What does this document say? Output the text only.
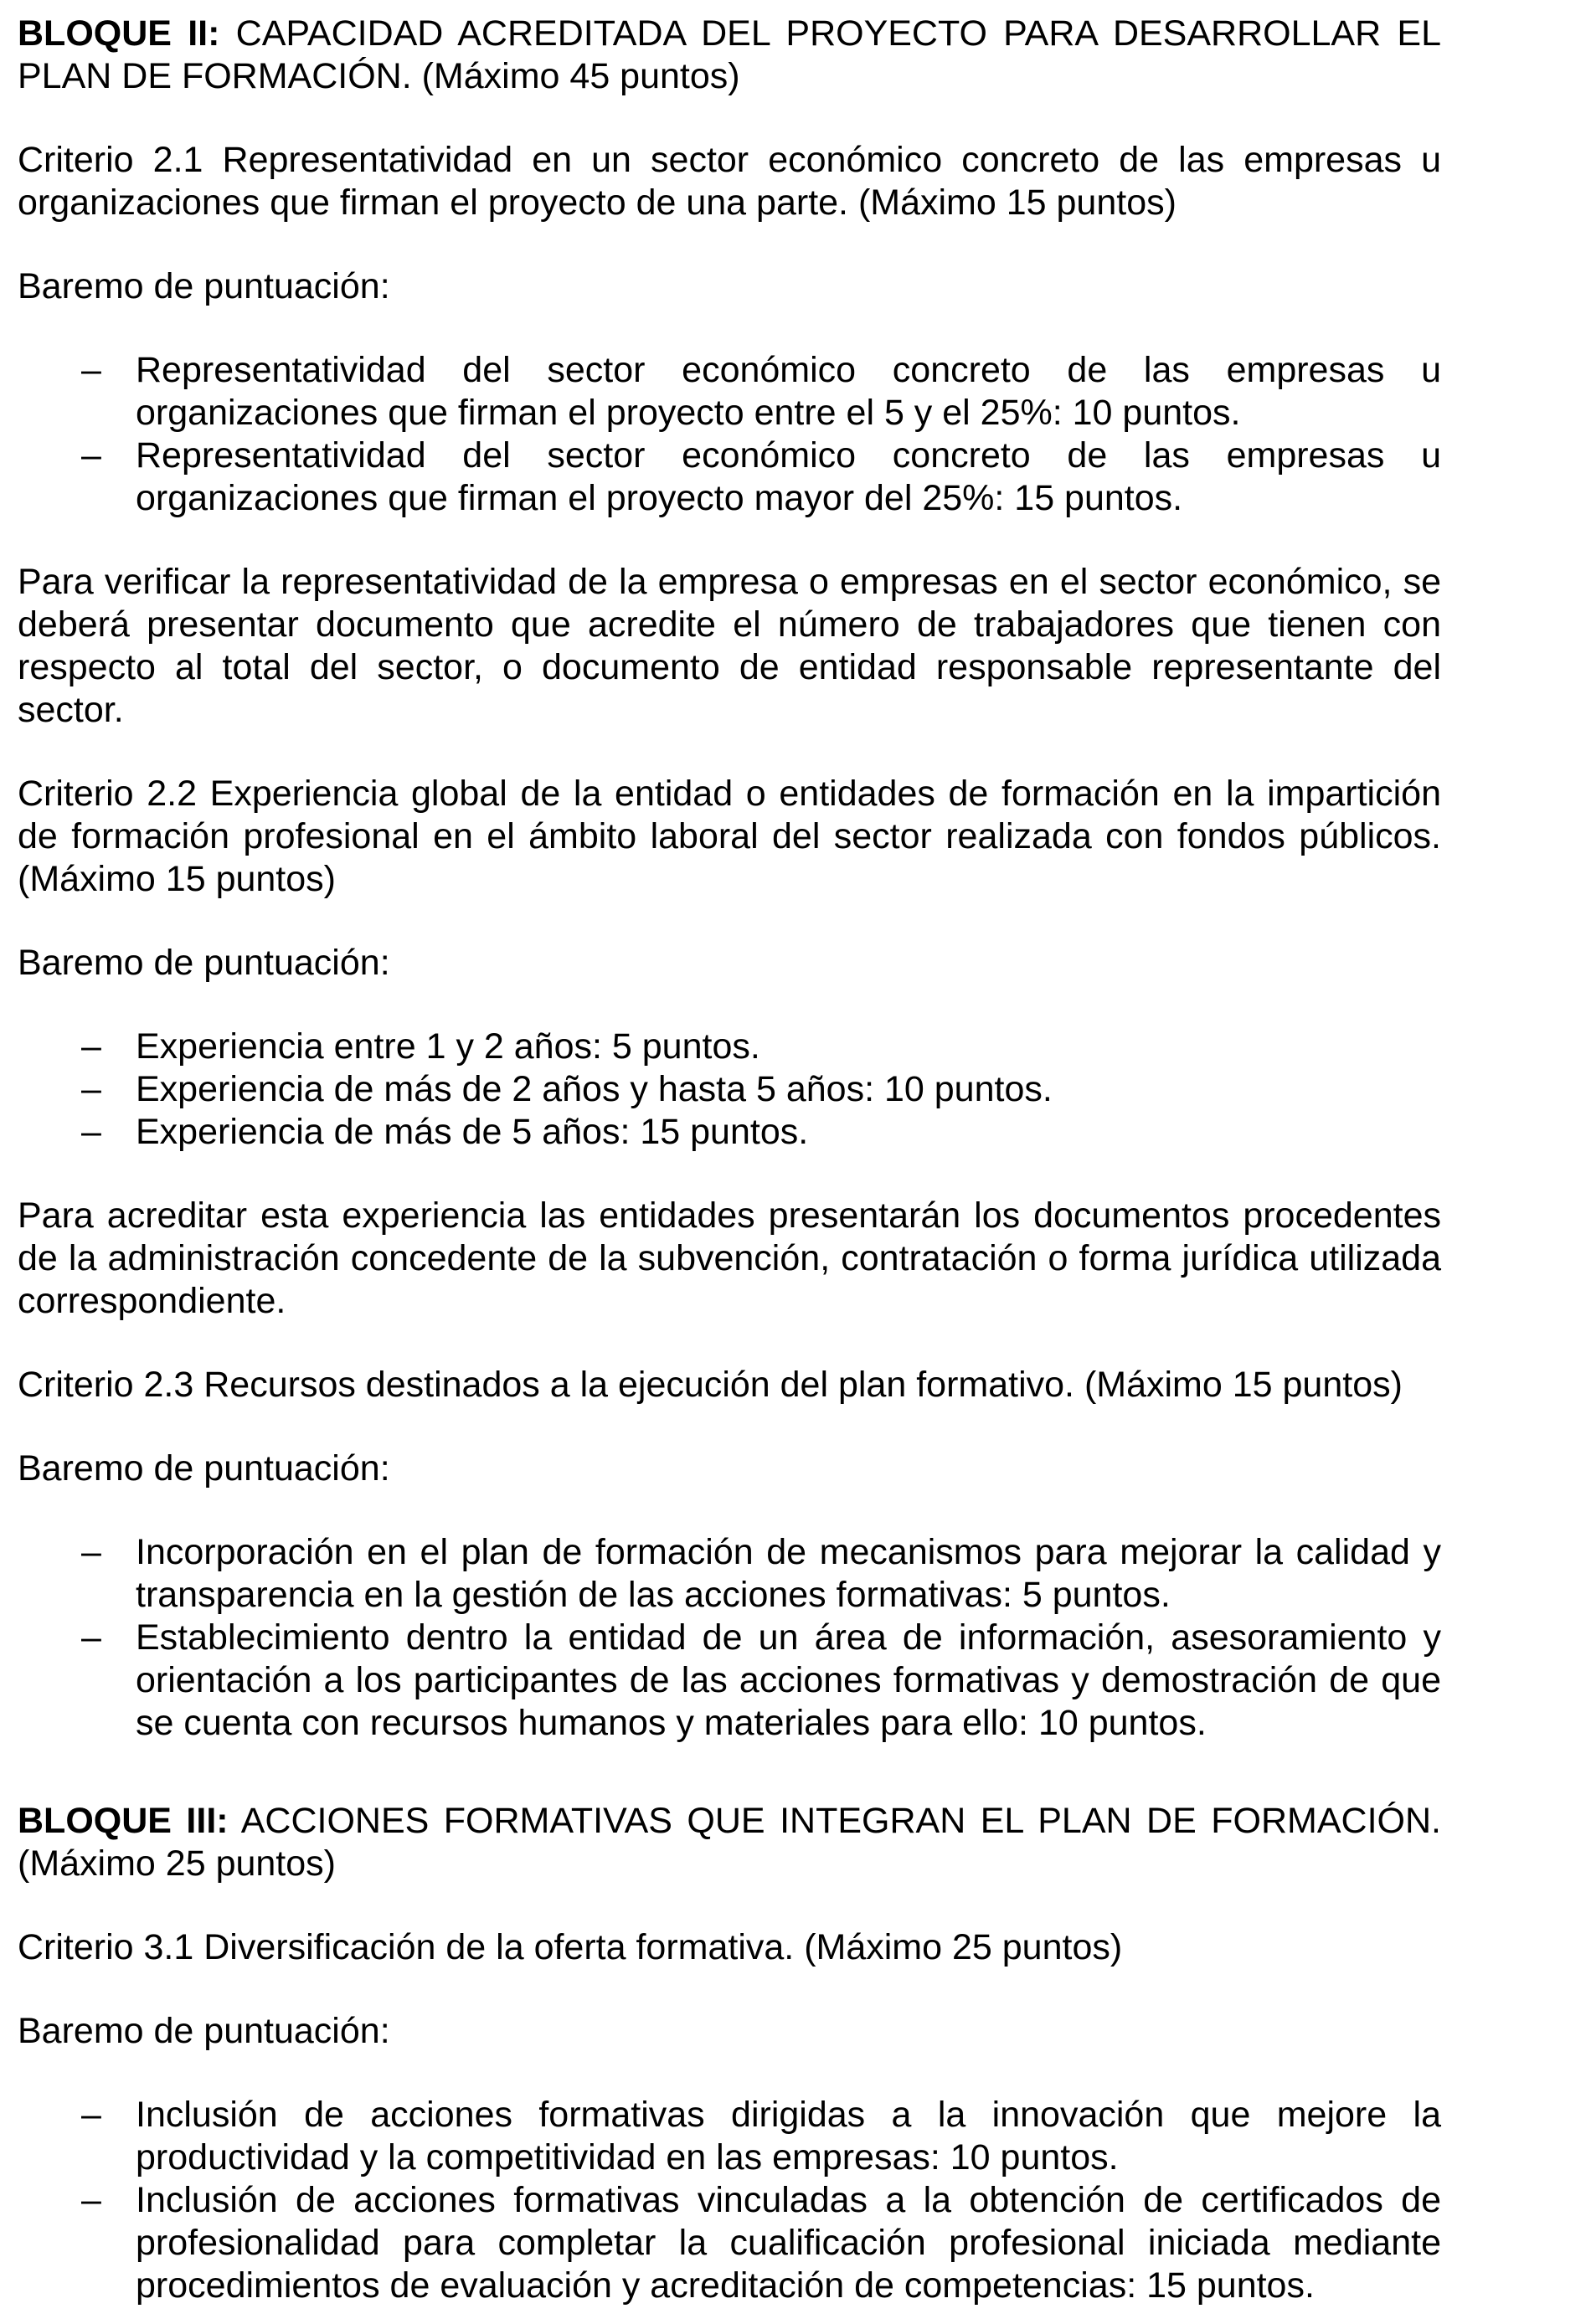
BLOQUE II: CAPACIDAD ACREDITADA DEL PROYECTO PARA DESARROLLAR EL PLAN DE FORMACIÓN. (Máximo 45 puntos)

Criterio 2.1 Representatividad en un sector económico concreto de las empresas u organizaciones que firman el proyecto de una parte. (Máximo 15 puntos)

Baremo de puntuación:

– Representatividad del sector económico concreto de las empresas u organizaciones que firman el proyecto entre el 5 y el 25%: 10 puntos.
– Representatividad del sector económico concreto de las empresas u organizaciones que firman el proyecto mayor del 25%: 15 puntos.

Para verificar la representatividad de la empresa o empresas en el sector económico, se deberá presentar documento que acredite el número de trabajadores que tienen con respecto al total del sector, o documento de entidad responsable representante del sector.

Criterio 2.2 Experiencia global de la entidad o entidades de formación en la impartición de formación profesional en el ámbito laboral del sector realizada con fondos públicos. (Máximo 15 puntos)

Baremo de puntuación:

– Experiencia entre 1 y 2 años: 5 puntos.
– Experiencia de más de 2 años y hasta 5 años: 10 puntos.
– Experiencia de más de 5 años: 15 puntos.

Para acreditar esta experiencia las entidades presentarán los documentos procedentes de la administración concedente de la subvención, contratación o forma jurídica utilizada correspondiente.

Criterio 2.3 Recursos destinados a la ejecución del plan formativo. (Máximo 15 puntos)

Baremo de puntuación:

– Incorporación en el plan de formación de mecanismos para mejorar la calidad y transparencia en la gestión de las acciones formativas: 5 puntos.
– Establecimiento dentro la entidad de un área de información, asesoramiento y orientación a los participantes de las acciones formativas y demostración de que se cuenta con recursos humanos y materiales para ello: 10 puntos.

BLOQUE III: ACCIONES FORMATIVAS QUE INTEGRAN EL PLAN DE FORMACIÓN. (Máximo 25 puntos)

Criterio 3.1 Diversificación de la oferta formativa. (Máximo 25 puntos)

Baremo de puntuación:

– Inclusión de acciones formativas dirigidas a la innovación que mejore la productividad y la competitividad en las empresas: 10 puntos.
– Inclusión de acciones formativas vinculadas a la obtención de certificados de profesionalidad para completar la cualificación profesional iniciada mediante procedimientos de evaluación y acreditación de competencias: 15 puntos.
